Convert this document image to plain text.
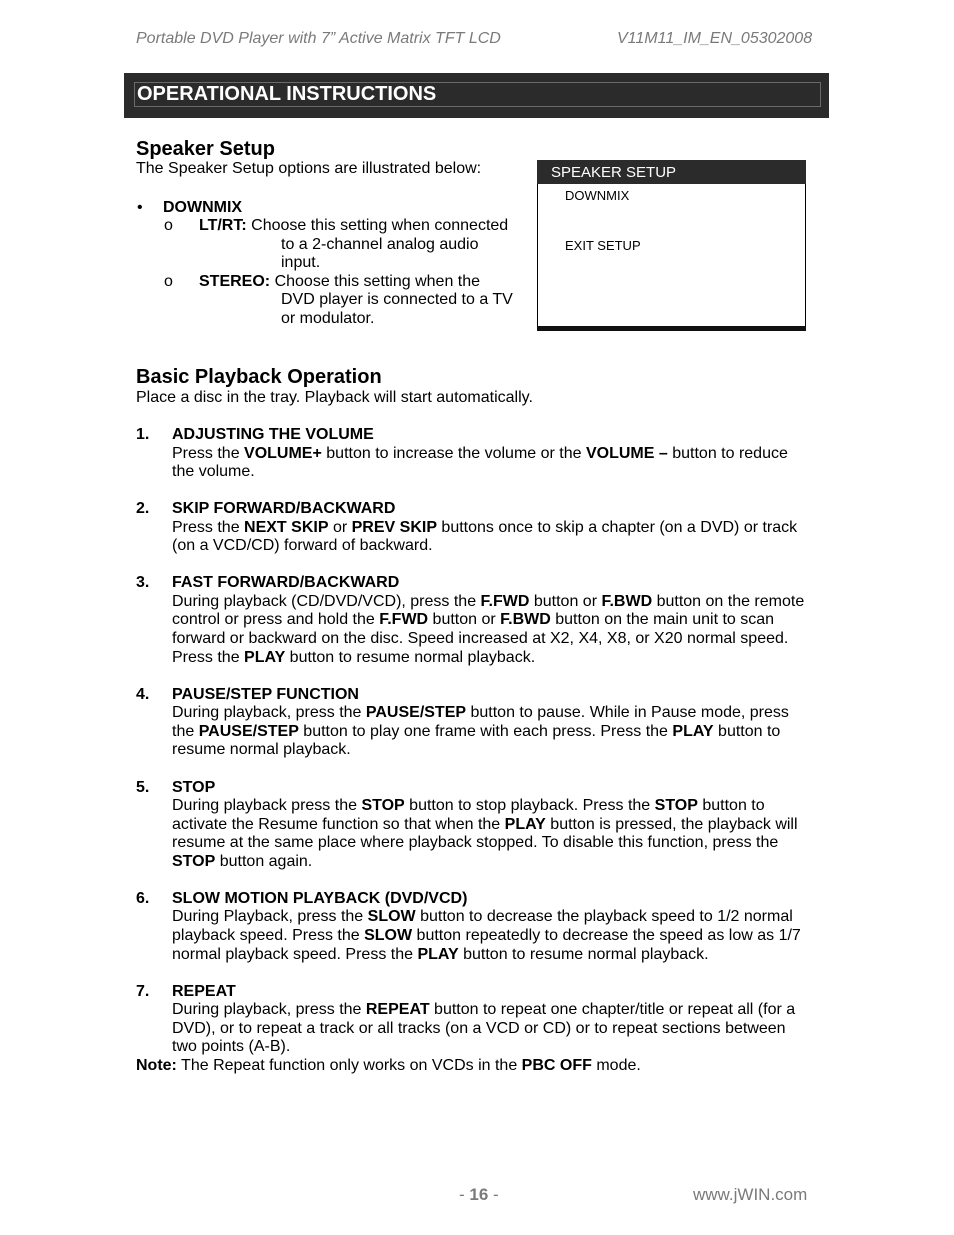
Portable DVD Player with 7” Active Matrix TFT LCD	V11M11_IM_EN_05302008
OPERATIONAL INSTRUCTIONS
Speaker Setup
The Speaker Setup options are illustrated below:
• DOWNMIX
o LT/RT: Choose this setting when connected
to a 2-channel analog audio
input.
o STEREO: Choose this setting when the
DVD player is connected to a TV
or modulator.
SPEAKER SETUP
DOWNMIX
EXIT SETUP
Basic Playback Operation
Place a disc in the tray. Playback will start automatically.
1. ADJUSTING THE VOLUME
Press the VOLUME+ button to increase the volume or the VOLUME – button to reduce
the volume.
2. SKIP FORWARD/BACKWARD
Press the NEXT SKIP or PREV SKIP buttons once to skip a chapter (on a DVD) or track
(on a VCD/CD) forward of backward.
3. FAST FORWARD/BACKWARD
During playback (CD/DVD/VCD), press the F.FWD button or F.BWD button on the remote
control or press and hold the F.FWD button or F.BWD button on the main unit to scan
forward or backward on the disc. Speed increased at X2, X4, X8, or X20 normal speed.
Press the PLAY button to resume normal playback.
4. PAUSE/STEP FUNCTION
During playback, press the PAUSE/STEP button to pause. While in Pause mode, press
the PAUSE/STEP button to play one frame with each press. Press the PLAY button to
resume normal playback.
5. STOP
During playback press the STOP button to stop playback. Press the STOP button to
activate the Resume function so that when the PLAY button is pressed, the playback will
resume at the same place where playback stopped. To disable this function, press the
STOP button again.
6. SLOW MOTION PLAYBACK (DVD/VCD)
During Playback, press the SLOW button to decrease the playback speed to 1/2 normal
playback speed. Press the SLOW button repeatedly to decrease the speed as low as 1/7
normal playback speed. Press the PLAY button to resume normal playback.
7. REPEAT
During playback, press the REPEAT button to repeat one chapter/title or repeat all (for a
DVD), or to repeat a track or all tracks (on a VCD or CD) or to repeat sections between
two points (A-B).
Note: The Repeat function only works on VCDs in the PBC OFF mode.
- 16 -	www.jWIN.com
